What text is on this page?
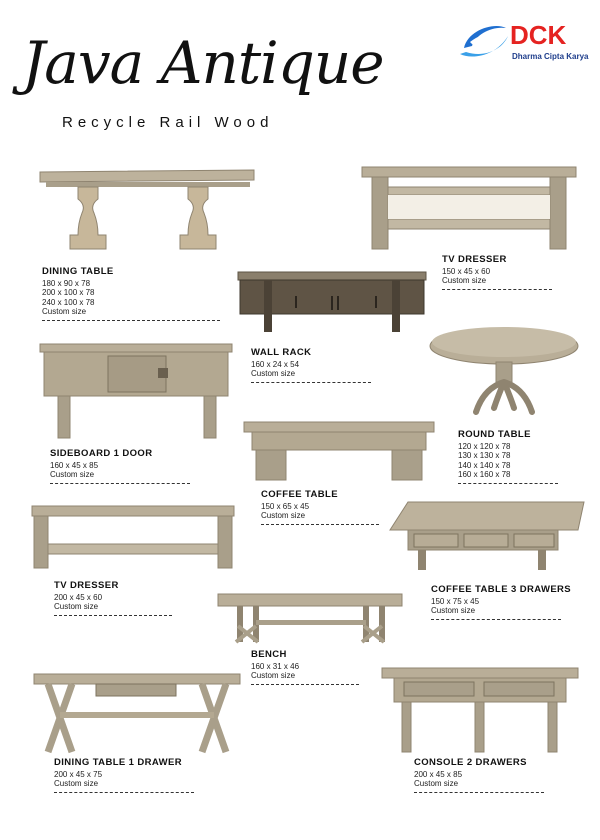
Java Antique
Recycle Rail Wood
DCK
Dharma Cipta Karya
DINING TABLE
180 x 90 x 78
200 x 100 x 78
240 x 100 x 78
Custom size
TV DRESSER
150 x 45 x 60
Custom size
WALL RACK
160 x 24 x 54
Custom size
SIDEBOARD 1 DOOR
160 x 45 x 85
Custom size
ROUND TABLE
120 x 120 x 78
130 x 130 x 78
140 x 140 x 78
160 x 160 x 78
COFFEE TABLE
150 x 65 x 45
Custom size
TV DRESSER
200 x 45 x 60
Custom size
COFFEE TABLE 3 DRAWERS
150 x 75 x 45
Custom size
BENCH
160 x 31 x 46
Custom size
DINING TABLE 1 DRAWER
200 x 45 x 75
Custom size
CONSOLE 2 DRAWERS
200 x 45 x 85
Custom size
